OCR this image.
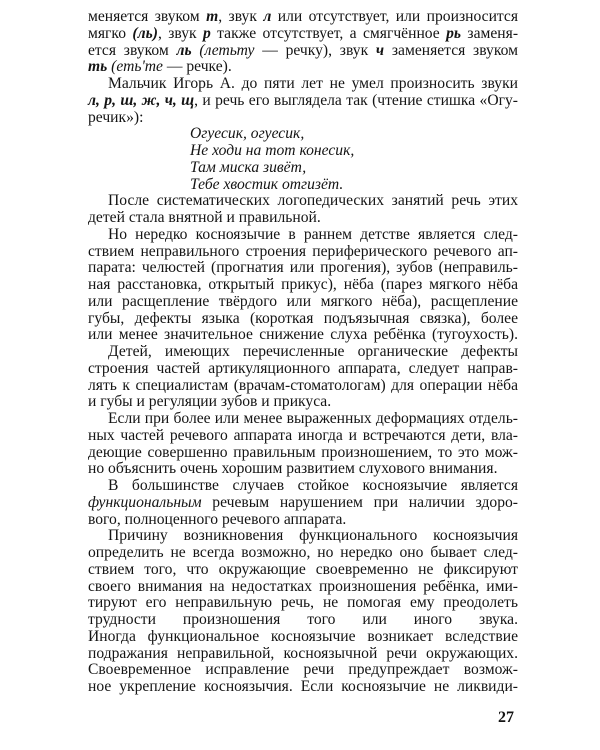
меняется звуком т, звук л или отсутствует, или произносится
мягко (ль), звук р также отсутствует, а смягчённое рь заменя-
ется звуком ль (летьту — речку), звук ч заменяется звуком
ть (еть'те — речке).
Мальчик Игорь А. до пяти лет не умел произносить звуки
л, р, ш, ж, ч, щ, и речь его выглядела так (чтение стишка «Огу-
речик»):
Огуесик, огуесик,
Не ходи на тот конесик,
Там миска зивёт,
Тебе хвостик отгизёт.
После систематических логопедических занятий речь этих
детей стала внятной и правильной.
Но нередко косноязычие в раннем детстве является след-
ствием неправильного строения периферического речевого ап-
парата: челюстей (прогнатия или прогения), зубов (неправиль-
ная расстановка, открытый прикус), нёба (парез мягкого нёба
или расщепление твёрдого или мягкого нёба), расщепление
губы, дефекты языка (короткая подъязычная связка), более
или менее значительное снижение слуха ребёнка (тугоухость).
Детей, имеющих перечисленные органические дефекты
строения частей артикуляционного аппарата, следует направ-
лять к специалистам (врачам-стоматологам) для операции нёба
и губы и регуляции зубов и прикуса.
Если при более или менее выраженных деформациях отдель-
ных частей речевого аппарата иногда и встречаются дети, вла-
деющие совершенно правильным произношением, то это мож-
но объяснить очень хорошим развитием слухового внимания.
В большинстве случаев стойкое косноязычие является
функциональным речевым нарушением при наличии здоро-
вого, полноценного речевого аппарата.
Причину возникновения функционального косноязычия
определить не всегда возможно, но нередко оно бывает след-
ствием того, что окружающие своевременно не фиксируют
своего внимания на недостатках произношения ребёнка, ими-
тируют его неправильную речь, не помогая ему преодолеть
трудности произношения того или иного звука.
Иногда функциональное косноязычие возникает вследствие
подражания неправильной, косноязычной речи окружающих.
Своевременное исправление речи предупреждает возмож-
ное укрепление косноязычия. Если косноязычие не ликвиди-
27
